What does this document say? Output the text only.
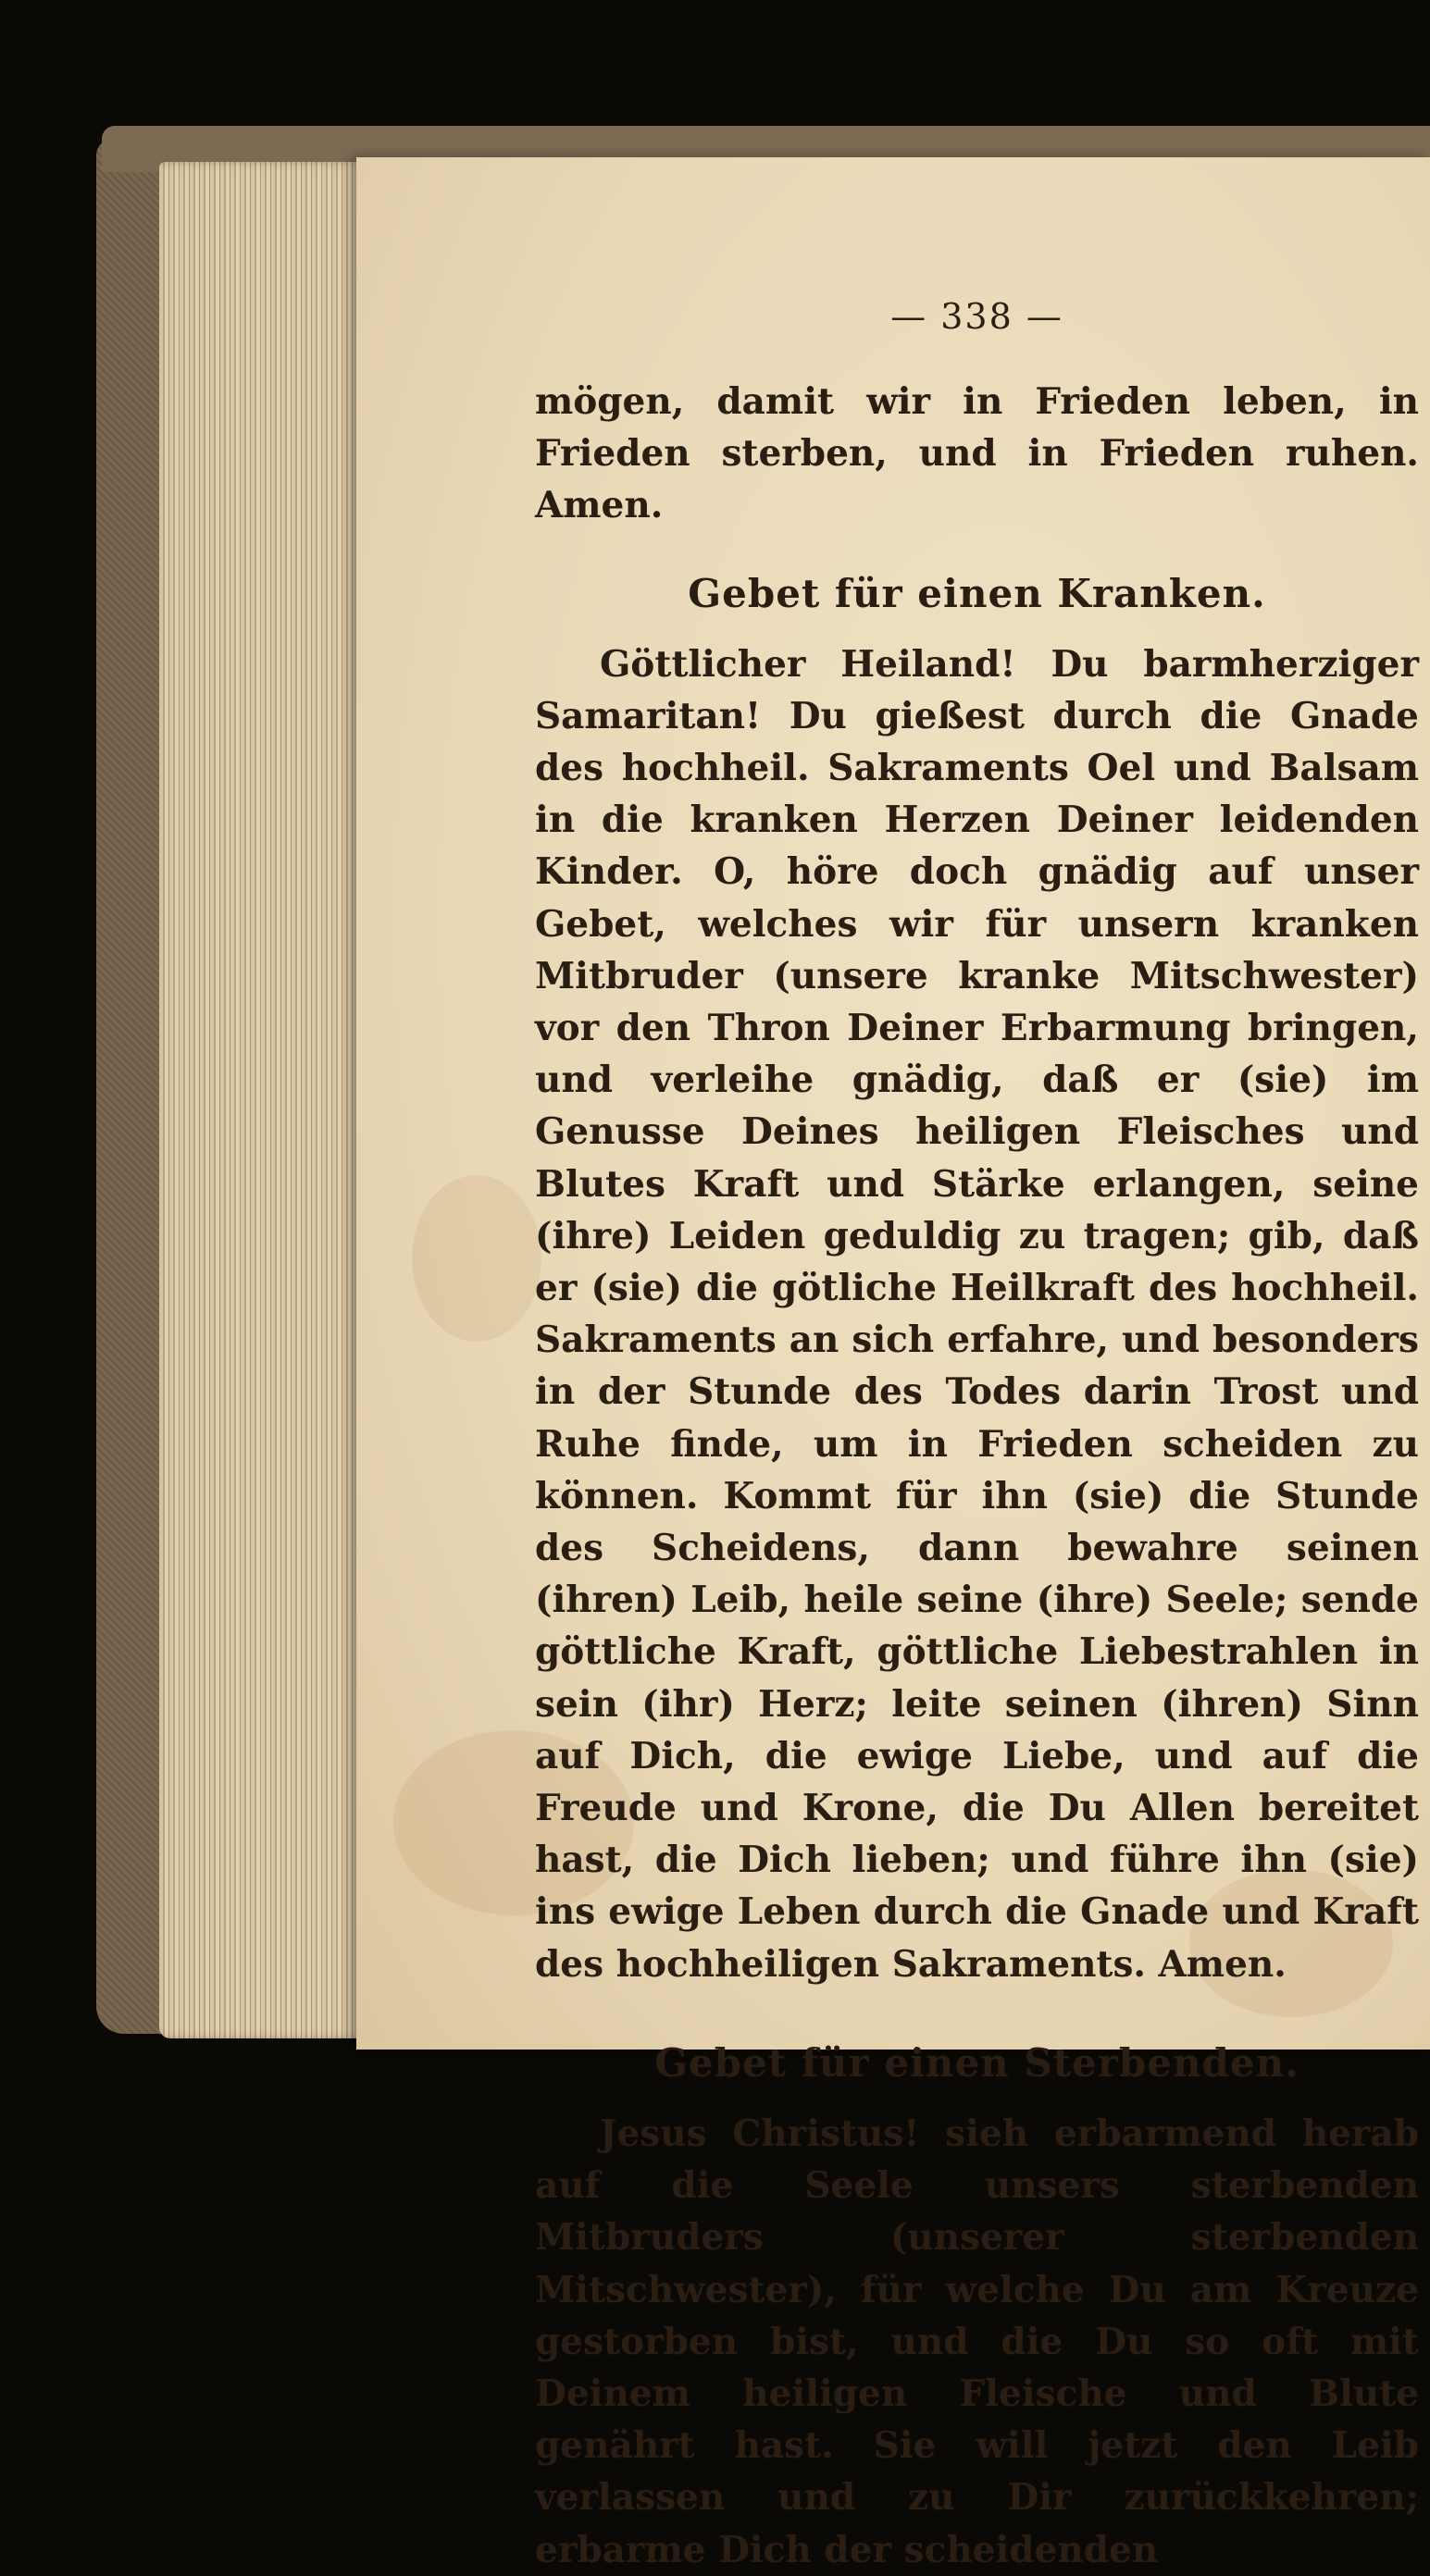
— 338 —

mögen, damit wir in Frieden leben, in Frieden sterben, und in Frieden ruhen. Amen.

Gebet für einen Kranken.

Göttlicher Heiland! Du barmherziger Samaritan! Du gießest durch die Gnade des hochheil. Sakraments Oel und Balsam in die kranken Herzen Deiner leidenden Kinder. O, höre doch gnädig auf unser Gebet, welches wir für unsern kranken Mitbruder (unsere kranke Mitschwester) vor den Thron Deiner Erbarmung bringen, und verleihe gnädig, daß er (sie) im Genusse Deines heiligen Fleisches und Blutes Kraft und Stärke erlangen, seine (ihre) Leiden geduldig zu tragen; gib, daß er (sie) die götliche Heilkraft des hochheil. Sakraments an sich erfahre, und besonders in der Stunde des Todes darin Trost und Ruhe finde, um in Frieden scheiden zu können. Kommt für ihn (sie) die Stunde des Scheidens, dann bewahre seinen (ihren) Leib, heile seine (ihre) Seele; sende göttliche Kraft, göttliche Liebestrahlen in sein (ihr) Herz; leite seinen (ihren) Sinn auf Dich, die ewige Liebe, und auf die Freude und Krone, die Du Allen bereitet hast, die Dich lieben; und führe ihn (sie) ins ewige Leben durch die Gnade und Kraft des hochheiligen Sakraments. Amen.

Gebet für einen Sterbenden.

Jesus Christus! sieh erbarmend herab auf die Seele unsers sterbenden Mitbruders (unserer sterbenden Mitschwester), für welche Du am Kreuze gestorben bist, und die Du so oft mit Deinem heiligen Fleische und Blute genährt hast. Sie will jetzt den Leib verlassen und zu Dir zurückkehren; erbarme Dich der scheidenden
